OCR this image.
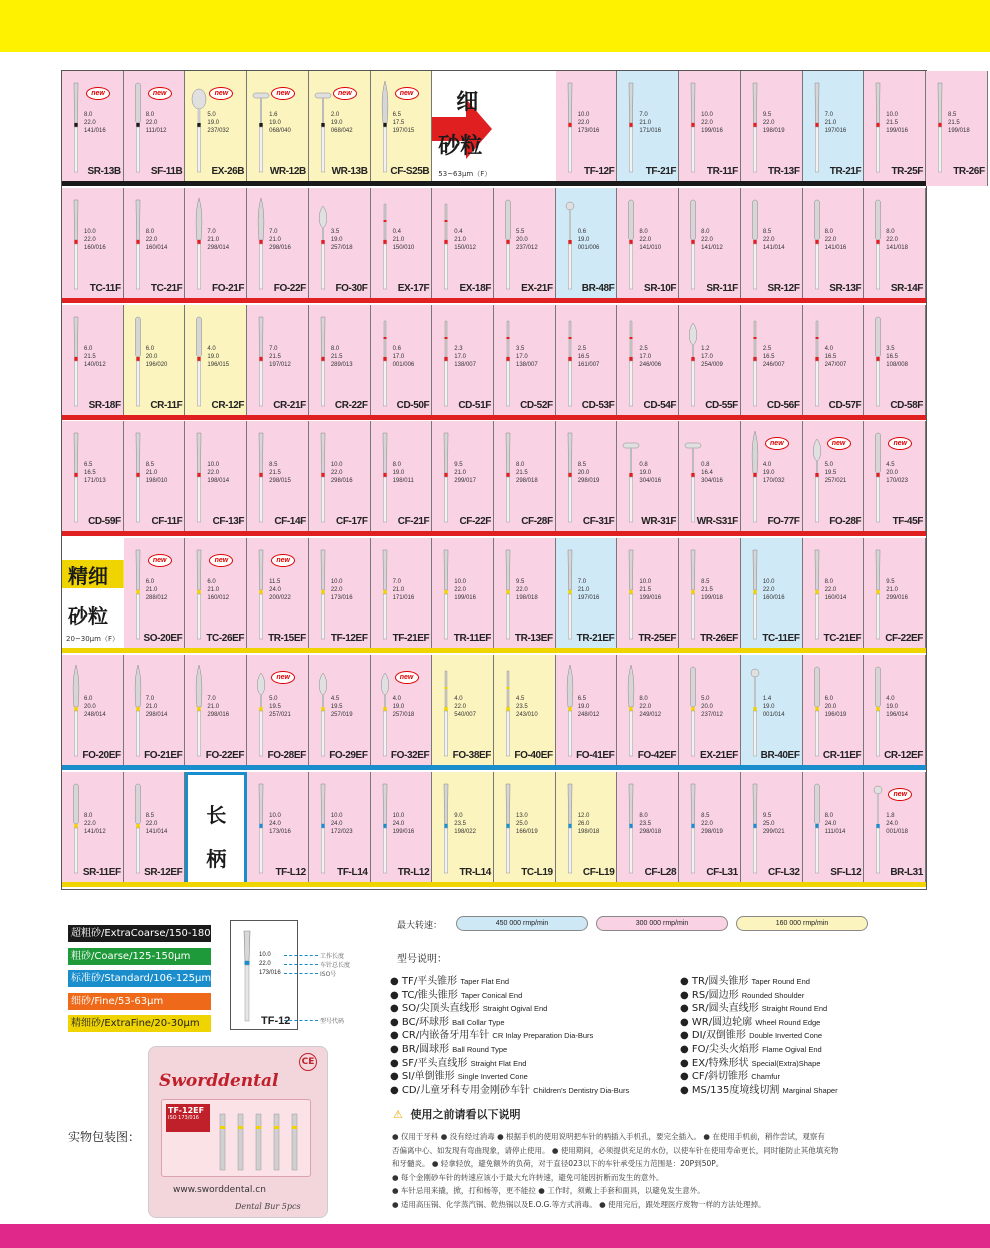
8.0
22.0
141/016
SR-13B
new
8.0
22.0
111/012
SF-11B
new
5.0
19.0
237/032
EX-26B
new
1.6
19.0
068/040
WR-12B
new
2.0
19.0
068/042
WR-13B
new
6.5
17.5
197/015
CF-S25B
new 细
砂粒
53~63μm（F）
10.0
22.0
173/016
TF-12F
7.0
21.0
171/016
TF-21F
10.0
22.0
199/016
TR-11F
9.5
22.0
198/019
TR-13F
7.0
21.0
197/016
TR-21F
10.0
21.5
199/016
TR-25F
8.5
21.5
199/018
TR-26F
10.0
22.0
160/016
TC-11F
8.0
22.0
160/014
TC-21F
7.0
21.0
298/014
FO-21F
7.0
21.0
298/016
FO-22F
3.5
19.0
257/018
FO-30F
0.4
21.0
150/010
EX-17F
0.4
21.0
150/012
EX-18F
5.5
20.0
237/012
EX-21F
0.6
19.0
001/006
BR-48F
8.0
22.0
141/010
SR-10F
8.0
22.0
141/012
SR-11F
8.5
22.0
141/014
SR-12F
8.0
22.0
141/016
SR-13F
8.0
22.0
141/018
SR-14F
6.0
21.5
140/012
SR-18F
6.0
20.0
196/020
CR-11F
4.0
19.0
196/015
CR-12F
7.0
21.5
197/012
CR-21F
8.0
21.5
289/013
CR-22F
0.6
17.0
001/006
CD-50F
2.3
17.0
138/007
CD-51F
3.5
17.0
138/007
CD-52F
2.5
16.5
161/007
CD-53F
2.5
17.0
246/006
CD-54F
1.2
17.0
254/009
CD-55F
2.5
16.5
246/007
CD-56F
4.0
16.5
247/007
CD-57F
3.5
16.5
108/008
CD-58F
6.5
16.5
171/013
CD-59F
8.5
21.0
198/010
CF-11F
10.0
22.0
198/014
CF-13F
8.5
21.5
298/015
CF-14F
10.0
22.0
298/016
CF-17F
8.0
19.0
198/011
CF-21F
9.5
21.0
299/017
CF-22F
8.0
21.5
298/018
CF-28F
8.5
20.0
298/019
CF-31F
0.8
19.0
304/016
WR-31F
0.8
16.4
304/016
WR-S31F
4.0
19.0
170/032
FO-77F
new
5.0
19.5
257/021
FO-28F
new
4.5
20.0
170/023
TF-45F
new
精细
砂粒
20~30μm（F）
6.0
21.0
288/012
SO-20EF
new
6.0
21.0
160/012
TC-26EF
new
11.5
24.0
200/022
TR-15EF
new
10.0
22.0
173/016
TF-12EF
7.0
21.0
171/016
TF-21EF
10.0
22.0
199/016
TR-11EF
9.5
22.0
198/018
TR-13EF
7.0
21.0
197/016
TR-21EF
10.0
21.5
199/016
TR-25EF
8.5
21.5
199/018
TR-26EF
10.0
22.0
160/016
TC-11EF
8.0
22.0
160/014
TC-21EF
9.5
21.0
299/016
CF-22EF
6.0
20.0
248/014
FO-20EF
7.0
21.0
298/014
FO-21EF
7.0
21.0
298/016
FO-22EF
5.0
19.5
257/021
FO-28EF
new
4.5
19.5
257/019
FO-29EF
4.0
19.0
257/018
FO-32EF
new
4.0
22.0
540/007
FO-38EF
4.5
23.5
243/010
FO-40EF
6.5
19.0
248/012
FO-41EF
8.0
22.0
249/012
FO-42EF
5.0
20.0
237/012
EX-21EF
1.4
19.0
001/014
BR-40EF
6.0
20.0
196/019
CR-11EF
4.0
19.0
196/014
CR-12EF
8.0
22.0
141/012
SR-11EF
8.5
22.0
141/014
SR-12EF
长
柄
10.0
24.0
173/016
TF-L12
10.0
24.0
172/023
TF-L14
10.0
24.0
199/016
TR-L12
9.0
23.5
198/022
TR-L14
13.0
25.0
166/019
TC-L19
12.0
26.0
198/018
CF-L19
8.0
23.5
298/018
CF-L28
8.5
22.0
298/019
CF-L31
9.5
25.0
299/021
CF-L32
8.0
24.0
111/014
SF-L12
1.8
24.0
001/018
BR-L31
new
超粗砂/ExtraCoarse/150-180μm
粗砂/Coarse/125-150μm
标准砂/Standard/106-125μm
细砂/Fine/53-63μm
精细砂/ExtraFine/20-30μm
10.0
22.0
173/016
TF-12
工作长度
车针总长度
ISO号
型号代码
最大转速：	450 000 rmp/min	300 000 rmp/min	160 000 rmp/min
型号说明：
● TF/平头锥形 Taper Flat End
● TC/锥头锥形 Taper Conical End
● SO/尖顶头直线形 Straight Ogival End
● BC/环球形 Ball Collar Type
● CR/内嵌备牙用车针 CR Inlay Preparation Dia-Burs
● BR/圆球形 Ball Round Type
● SF/平头直线形 Straight Flat End
● SI/单倒锥形 Single Inverted Cone
● CD/儿童牙科专用金刚砂车针 Children's Dentistry Dia-Burs
● TR/圆头锥形 Taper Round End
● RS/圆边形 Rounded Shoulder
● SR/圆头直线形 Straight Round End
● WR/圆边轮廓 Wheel Round Edge
● DI/双倒锥形 Double Inverted Cone
● FO/尖头火焰形 Flame Ogival End
● EX/特殊形状 Special(Extra)Shape
● CF/斜切锥形 Chamfur
● MS/135度境线切割 Marginal Shaper
⚠ 使用之前请看以下说明
● 仅用于牙科 ● 没有经过消毒 ● 根据手机的使用说明把车针的柄插入手机孔，要完全插入。 ● 在使用手机前，稍作尝试，观察有
否偏离中心、如发现有弯曲现象，请停止使用。 ● 使用期间，必须提供充足的水份，以使车针在使用寿命更长，同时能防止其他填充物
和牙髓炎。 ● 轻拿轻放，避免额外的负荷，对于直径023以下的车针承受压力范围是：20P到50P。
● 每个金刚砂车针的转速应该小于最大允许转速，避免可能因折断而发生的意外。
● 车针忌用来撬，掀，打和杨等，更不能拉 ● 工作时，须戴上手套和面具，以避免发生意外。
● 适用高压锅、化学蒸汽锅、乾热锅以及E.O.G.等方式消毒。 ● 使用完后，跟处理医疗废物一样的方法处理掉。
实物包装图：
Sworddental
CE
TF-12EF
ISO 173/016
www.sworddental.cn
Dental Bur 5pcs
